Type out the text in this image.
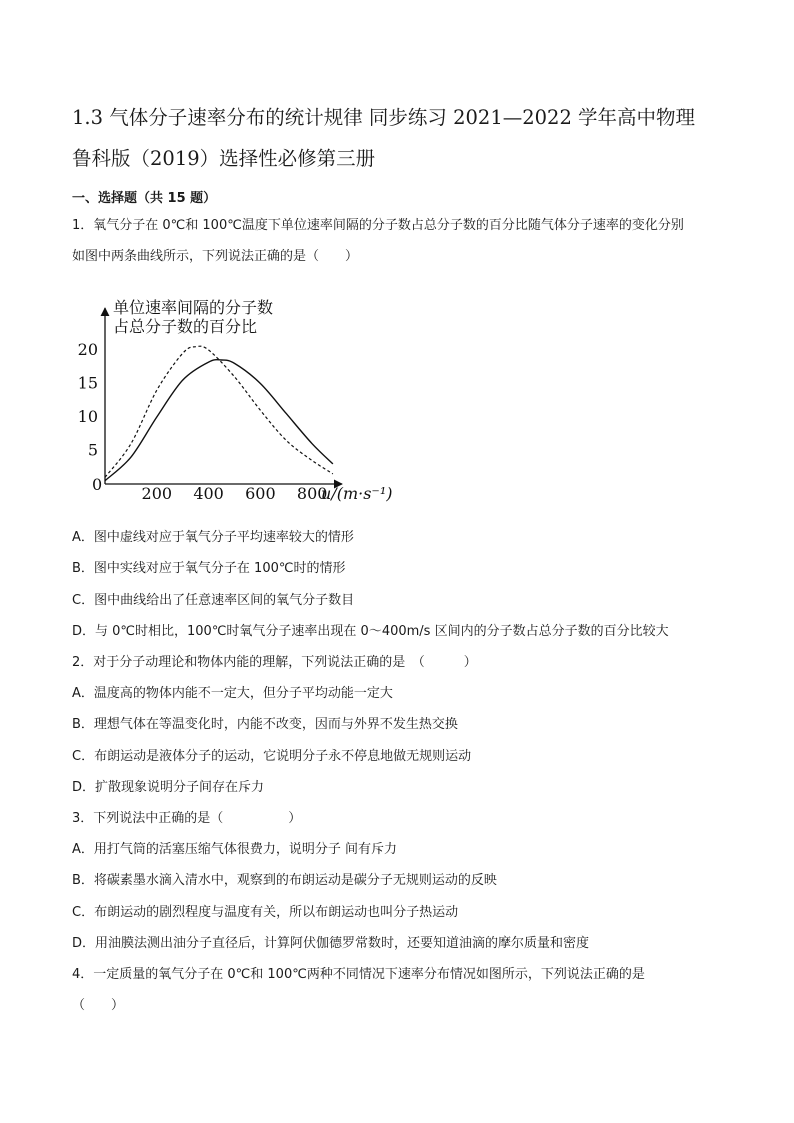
1.3 气体分子速率分布的统计规律 同步练习 2021—2022 学年高中物理
鲁科版（2019）选择性必修第三册

一、选择题（共 15 题）

1．氧气分子在 0℃和 100℃温度下单位速率间隔的分子数占总分子数的百分比随气体分子速率的变化分别

如图中两条曲线所示，下列说法正确的是（　　）

单位速率间隔的分子数
占总分子数的百分比
5
10
15
20
200 400 600 800
0	u/(m·s⁻¹)

A．图中虚线对应于氧气分子平均速率较大的情形

B．图中实线对应于氧气分子在 100℃时的情形

C．图中曲线给出了任意速率区间的氧气分子数目

D．与 0℃时相比，100℃时氧气分子速率出现在 0～400m/s 区间内的分子数占总分子数的百分比较大

2．对于分子动理论和物体内能的理解，下列说法正确的是　（　　　）

A．温度高的物体内能不一定大，但分子平均动能一定大

B．理想气体在等温变化时，内能不改变，因而与外界不发生热交换

C．布朗运动是液体分子的运动，它说明分子永不停息地做无规则运动

D．扩散现象说明分子间存在斥力

3．下列说法中正确的是（　　　　　）

A．用打气筒的活塞压缩气体很费力，说明分子 间有斥力

B．将碳素墨水滴入清水中，观察到的布朗运动是碳分子无规则运动的反映

C．布朗运动的剧烈程度与温度有关，所以布朗运动也叫分子热运动

D．用油膜法测出油分子直径后，计算阿伏伽德罗常数时，还要知道油滴的摩尔质量和密度

4．一定质量的氧气分子在 0℃和 100℃两种不同情况下速率分布情况如图所示，下列说法正确的是

（　　）
